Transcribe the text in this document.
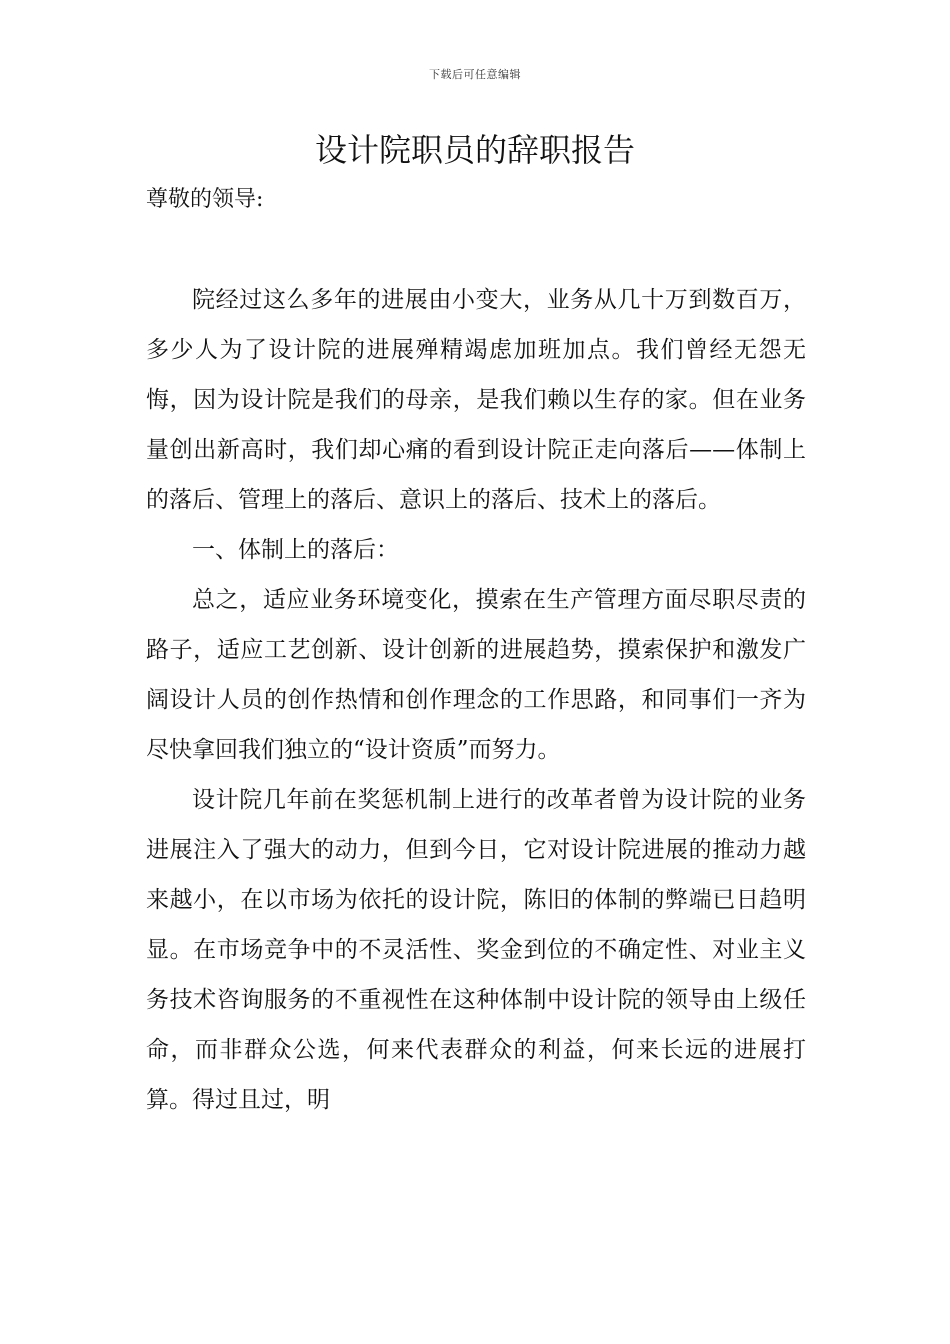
下载后可任意编辑
设计院职员的辞职报告

尊敬的领导:

院经过这么多年的进展由小变大，业务从几十万到数百万，多少人为了设计院的进展殚精竭虑加班加点。我们曾经无怨无悔，因为设计院是我们的母亲，是我们赖以生存的家。但在业务量创出新高时，我们却心痛的看到设计院正走向落后——体制上的落后、管理上的落后、意识上的落后、技术上的落后。

一、体制上的落后：

总之，适应业务环境变化，摸索在生产管理方面尽职尽责的路子，适应工艺创新、设计创新的进展趋势，摸索保护和激发广阔设计人员的创作热情和创作理念的工作思路，和同事们一齐为尽快拿回我们独立的“设计资质”而努力。

设计院几年前在奖惩机制上进行的改革者曾为设计院的业务进展注入了强大的动力，但到今日，它对设计院进展的推动力越来越小，在以市场为依托的设计院，陈旧的体制的弊端已日趋明显。在市场竞争中的不灵活性、奖金到位的不确定性、对业主义务技术咨询服务的不重视性在这种体制中设计院的领导由上级任命，而非群众公选，何来代表群众的利益，何来长远的进展打算。得过且过，明
